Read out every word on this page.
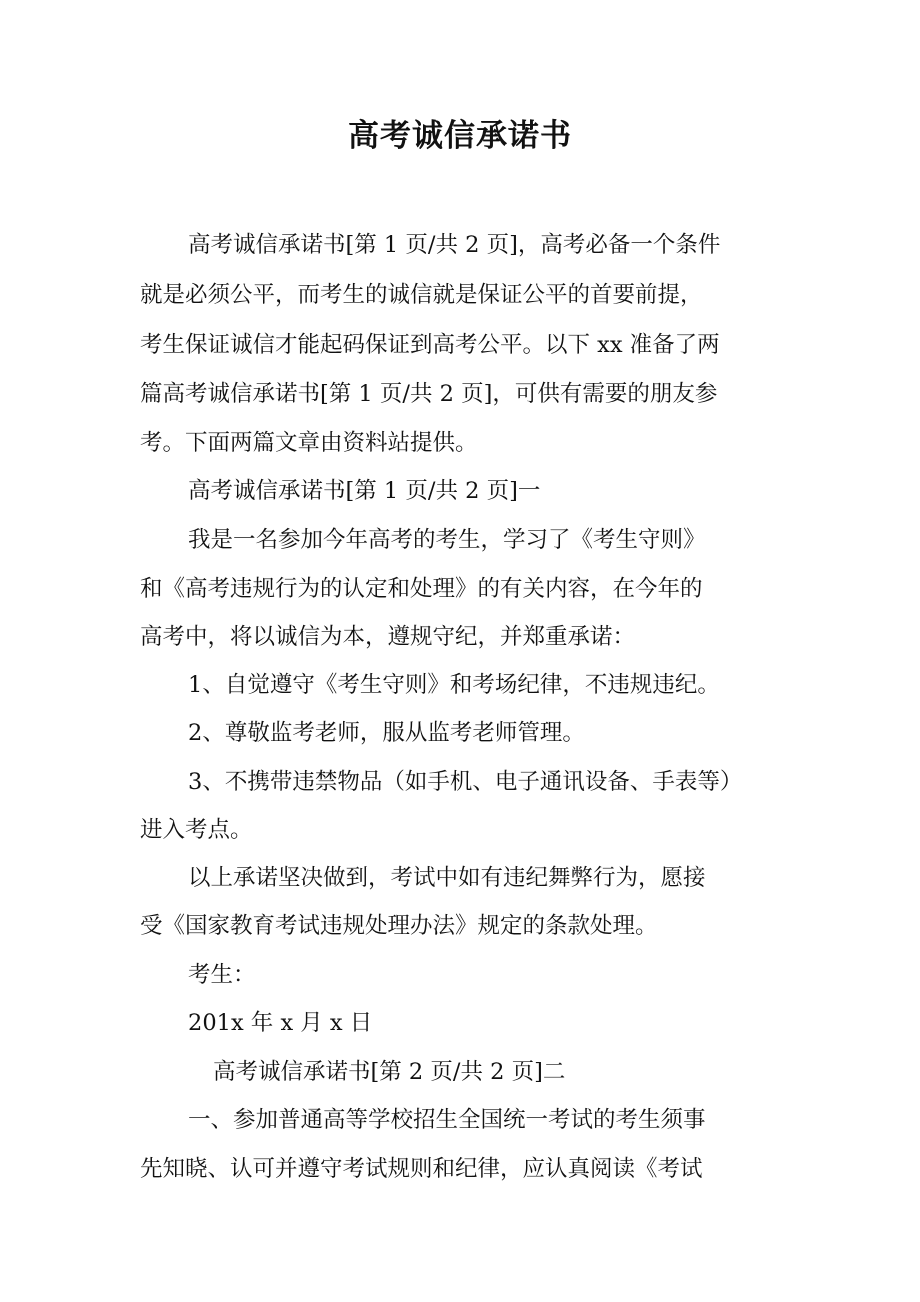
高考诚信承诺书
高考诚信承诺书[第 1 页/共 2 页]，高考必备一个条件
就是必须公平，而考生的诚信就是保证公平的首要前提，
考生保证诚信才能起码保证到高考公平。以下 xx 准备了两
篇高考诚信承诺书[第 1 页/共 2 页]，可供有需要的朋友参
考。下面两篇文章由资料站提供。
高考诚信承诺书[第 1 页/共 2 页]一
我是一名参加今年高考的考生，学习了《考生守则》
和《高考违规行为的认定和处理》的有关内容，在今年的
高考中，将以诚信为本，遵规守纪，并郑重承诺：
1、自觉遵守《考生守则》和考场纪律，不违规违纪。
2、尊敬监考老师，服从监考老师管理。
3、不携带违禁物品（如手机、电子通讯设备、手表等）
进入考点。
以上承诺坚决做到，考试中如有违纪舞弊行为，愿接
受《国家教育考试违规处理办法》规定的条款处理。
考生：
201x 年 x 月 x 日
高考诚信承诺书[第 2 页/共 2 页]二
一、参加普通高等学校招生全国统一考试的考生须事
先知晓、认可并遵守考试规则和纪律，应认真阅读《考试
